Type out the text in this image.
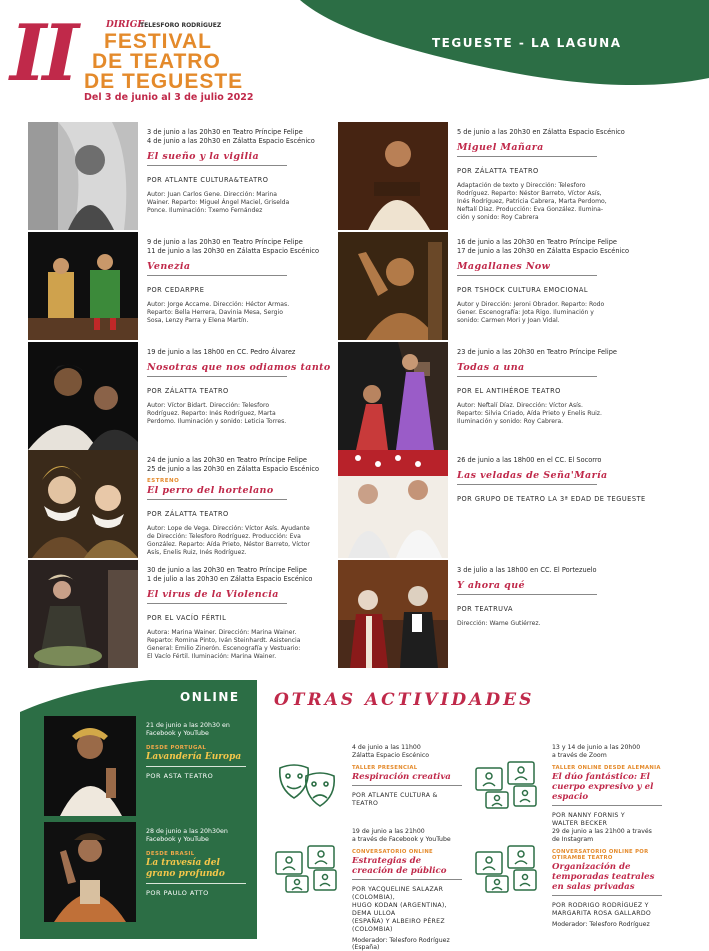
II	DIRIGE
TELESFORO RODRÍGUEZ
FESTIVAL
DE TEATRO
DE TEGUESTE
Del 3 de junio al 3 de julio 2022
TEGUESTE - LA LAGUNA
3 de junio a las 20h30 en Teatro Príncipe Felipe
4 de junio a las 20h30 en Zálatta Espacio Escénico
El sueño y la vigilia
POR ATLANTE CULTURA&TEATRO
Autor: Juan Carlos Gene. Dirección: Marina
Wainer. Reparto: Miguel Ángel Maciel, Griselda
Ponce. Iluminación: Txemo Fernández
5 de junio a las 20h30 en Zálatta Espacio Escénico
Miguel Mañara
POR ZÁLATTA TEATRO
Adaptación de texto y Dirección: Telesforo
Rodríguez. Reparto: Néstor Barreto, Víctor Asís,
Inés Rodríguez, Patricia Cabrera, Marta Perdomo,
Neftalí Díaz. Producción: Eva González. Ilumina-
ción y sonido: Roy Cabrera
9 de junio a las 20h30 en Teatro Príncipe Felipe
11 de junio a las 20h30 en Zálatta Espacio Escénico
Venezia
POR CEDARPRE
Autor: Jorge Accame. Dirección: Héctor Armas.
Reparto: Bella Herrera, Davinia Mesa, Sergio
Sosa, Lenzy Parra y Elena Martín.
16 de junio a las 20h30 en Teatro Príncipe Felipe
17 de junio a las 20h30 en Zálatta Espacio Escénico
Magallanes Now
POR TSHOCK CULTURA EMOCIONAL
Autor y Dirección: Jeroni Obrador. Reparto: Rodo
Gener. Escenografía: Jota Rigo. Iluminación y
sonido: Carmen Mori y Joan Vidal.
19 de junio a las 18h00 en CC. Pedro Álvarez
Nosotras que nos odiamos tanto
POR ZÁLATTA TEATRO
Autor: Víctor Bidart. Dirección: Telesforo
Rodríguez. Reparto: Inés Rodríguez, Marta
Perdomo. Iluminación y sonido: Leticia Torres.
23 de junio a las 20h30 en Teatro Príncipe Felipe
Todas a una
POR EL ANTIHÉROE TEATRO
Autor: Neftalí Díaz. Dirección: Víctor Asís.
Reparto: Silvia Criado, Aída Prieto y Enelis Ruiz.
Iluminación y sonido: Roy Cabrera.
24 de junio a las 20h30 en Teatro Príncipe Felipe
25 de junio a las 20h30 en Zálatta Espacio Escénico
ESTRENO
El perro del hortelano
POR ZÁLATTA TEATRO
Autor: Lope de Vega. Dirección: Víctor Asís. Ayudante
de Dirección: Telesforo Rodríguez. Producción: Eva
González. Reparto: Aída Prieto, Néstor Barreto, Víctor
Asís, Enelis Ruiz, Inés Rodríguez.
26 de junio a las 18h00 en el CC. El Socorro
Las veladas de Seña'María
POR GRUPO DE TEATRO LA 3ª EDAD DE TEGUESTE
30 de junio a las 20h30 en Teatro Príncipe Felipe
1 de julio a las 20h30 en Zálatta Espacio Escénico
El virus de la Violencia
POR EL VACÍO FÉRTIL
Autora: Marina Wainer. Dirección: Marina Wainer.
Reparto: Romina Pinto, Iván Steinhardt. Asistencia
General: Emilio Zinerón. Escenografía y Vestuario:
El Vacío Fértil. Iluminación: Marina Wainer.
3 de julio a las 18h00 en CC. El Portezuelo
Y ahora qué
POR TEATRUVA
Dirección: Wame Gutiérrez.
ONLINE
21 de junio a las 20h30 en
Facebook y YouTube
DESDE PORTUGAL
Lavandería Europa
POR ASTA TEATRO
28 de junio a las 20h30en
Facebook y YouTube
DESDE BRASIL
La travesía del grano profundo
POR PAULO ATTO
OTRAS ACTIVIDADES
4 de junio a las 11h00
Zálatta Espacio Escénico
TALLER PRESENCIAL
Respiración creativa
POR ATLANTE CULTURA & TEATRO
13 y 14 de junio a las 20h00
a través de Zoom
TALLER ONLINE DESDE ALEMANIA
El dúo fantástico: El cuerpo expresivo y el espacio
POR NANNY FORNIS Y
WALTER BECKER
19 de junio a las 21h00
a través de Facebook y YouTube
CONVERSATORIO ONLINE
Estrategias de creación de público
POR YACQUELINE SALAZAR (COLOMBIA),
HUGO KODAN (ARGENTINA), DEMA ULLOA
(ESPAÑA) Y ALBEIRO PÉREZ (COLOMBIA)
Moderador: Telesforo Rodríguez (España)
29 de junio a las 21h00 a través
de Instagram
CONVERSATORIO ONLINE POR OTIRAMBE TEATRO
Organización de temporadas teatrales en salas privadas
POR RODRIGO RODRÍGUEZ Y
MARGARITA ROSA GALLARDO
Moderador: Telesforo Rodríguez
